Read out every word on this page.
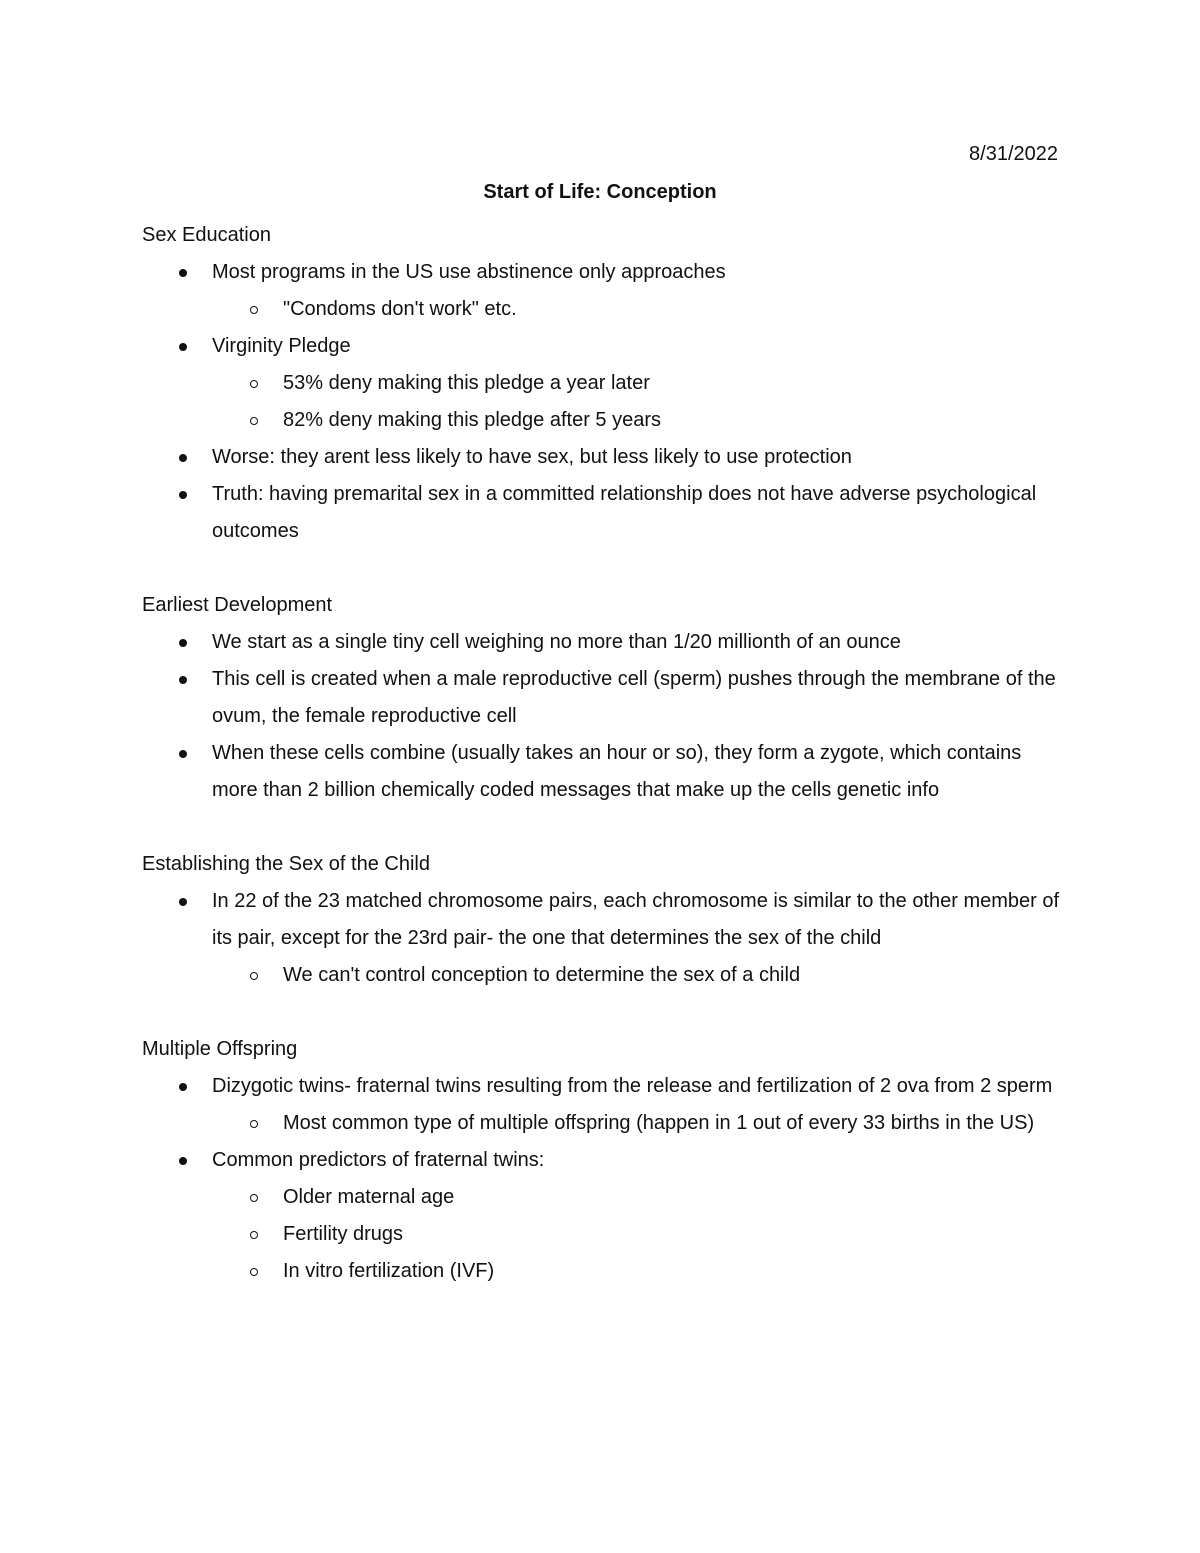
8/31/2022
Start of Life: Conception
Sex Education
Most programs in the US use abstinence only approaches
"Condoms don't work" etc.
Virginity Pledge
53% deny making this pledge a year later
82% deny making this pledge after 5 years
Worse: they arent less likely to have sex, but less likely to use protection
Truth: having premarital sex in a committed relationship does not have adverse psychological outcomes
Earliest Development
We start as a single tiny cell weighing no more than 1/20 millionth of an ounce
This cell is created when a male reproductive cell (sperm) pushes through the membrane of the ovum, the female reproductive cell
When these cells combine (usually takes an hour or so), they form a zygote, which contains more than 2 billion chemically coded messages that make up the cells genetic info
Establishing the Sex of the Child
In 22 of the 23 matched chromosome pairs, each chromosome is similar to the other member of its pair, except for the 23rd pair- the one that determines the sex of the child
We can't control conception to determine the sex of a child
Multiple Offspring
Dizygotic twins- fraternal twins resulting from the release and fertilization of 2 ova from 2 sperm
Most common type of multiple offspring (happen in 1 out of every 33 births in the US)
Common predictors of fraternal twins:
Older maternal age
Fertility drugs
In vitro fertilization (IVF)
